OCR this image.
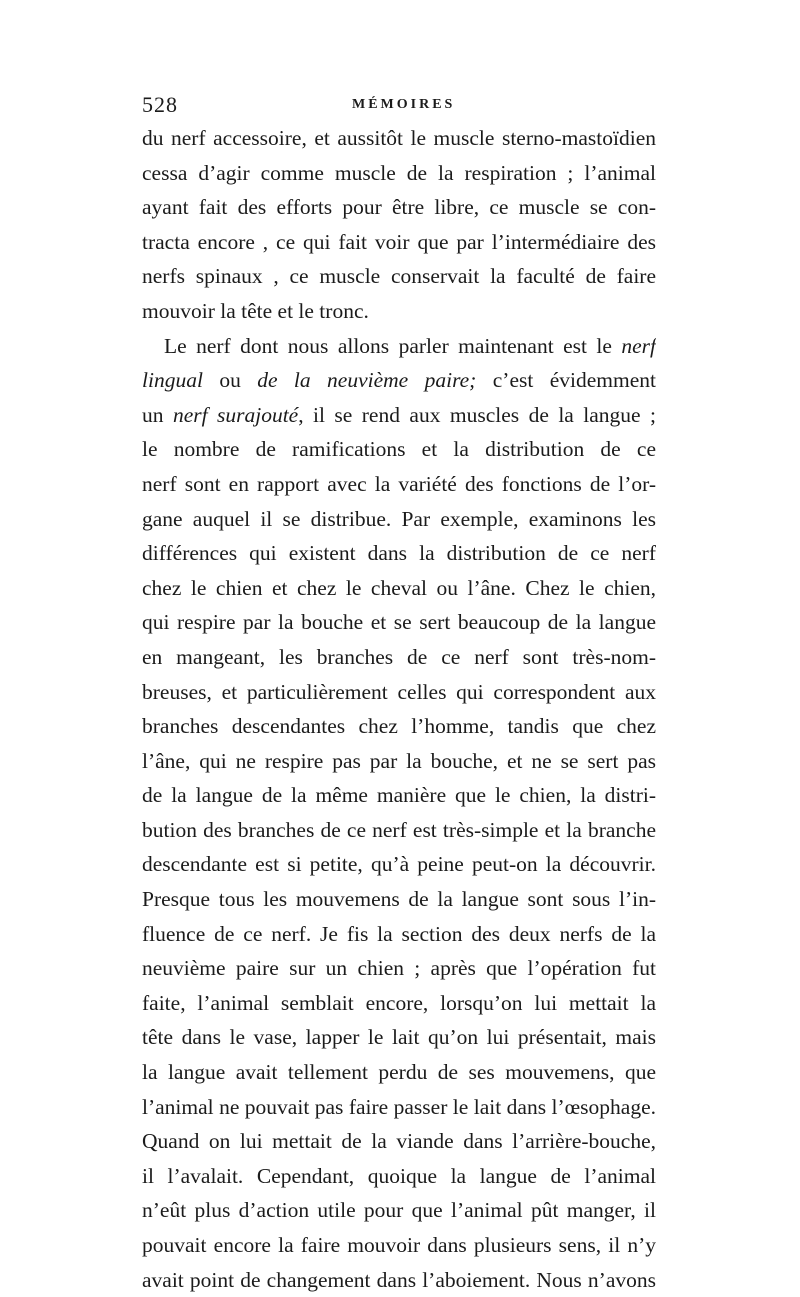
528	MÉMOIRES
du nerf accessoire, et aussitôt le muscle sterno-mastoïdien
cessa d’agir comme muscle de la respiration ; l’animal
ayant fait des efforts pour être libre, ce muscle se con-
tracta encore , ce qui fait voir que par l’intermédiaire des
nerfs spinaux , ce muscle conservait la faculté de faire
mouvoir la tête et le tronc.
Le nerf dont nous allons parler maintenant est le nerf
lingual ou de la neuvième paire; c’est évidemment
un nerf surajouté, il se rend aux muscles de la langue ;
le nombre de ramifications et la distribution de ce
nerf sont en rapport avec la variété des fonctions de l’or-
gane auquel il se distribue. Par exemple, examinons les
différences qui existent dans la distribution de ce nerf
chez le chien et chez le cheval ou l’âne. Chez le chien,
qui respire par la bouche et se sert beaucoup de la langue
en mangeant, les branches de ce nerf sont très-nom-
breuses, et particulièrement celles qui correspondent aux
branches descendantes chez l’homme, tandis que chez
l’âne, qui ne respire pas par la bouche, et ne se sert pas
de la langue de la même manière que le chien, la distri-
bution des branches de ce nerf est très-simple et la branche
descendante est si petite, qu’à peine peut-on la découvrir.
Presque tous les mouvemens de la langue sont sous l’in-
fluence de ce nerf. Je fis la section des deux nerfs de la
neuvième paire sur un chien ; après que l’opération fut
faite, l’animal semblait encore, lorsqu’on lui mettait la
tête dans le vase, lapper le lait qu’on lui présentait, mais
la langue avait tellement perdu de ses mouvemens, que
l’animal ne pouvait pas faire passer le lait dans l’œsophage.
Quand on lui mettait de la viande dans l’arrière-bouche,
il l’avalait. Cependant, quoique la langue de l’animal
n’eût plus d’action utile pour que l’animal pût manger, il
pouvait encore la faire mouvoir dans plusieurs sens, il n’y
avait point de changement dans l’aboiement. Nous n’avons
